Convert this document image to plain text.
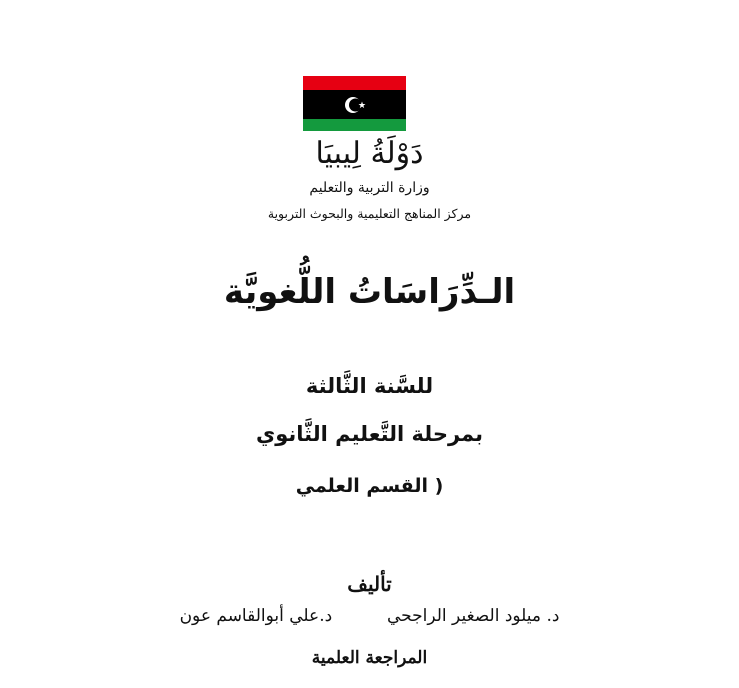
دَوْلَةُ لِيبيَا
وزارة التربية والتعليم
مركز المناهج التعليمية والبحوث التربوية
الـدِّرَاسَاتُ اللُّغويَّة
للسَّنة الثَّالثة
بمرحلة التَّعليم الثَّانوي
( القسم العلمي
تأليف
د. ميلود الصغير الراجحي  د.علي أبوالقاسم عون
المراجعة العلمية
